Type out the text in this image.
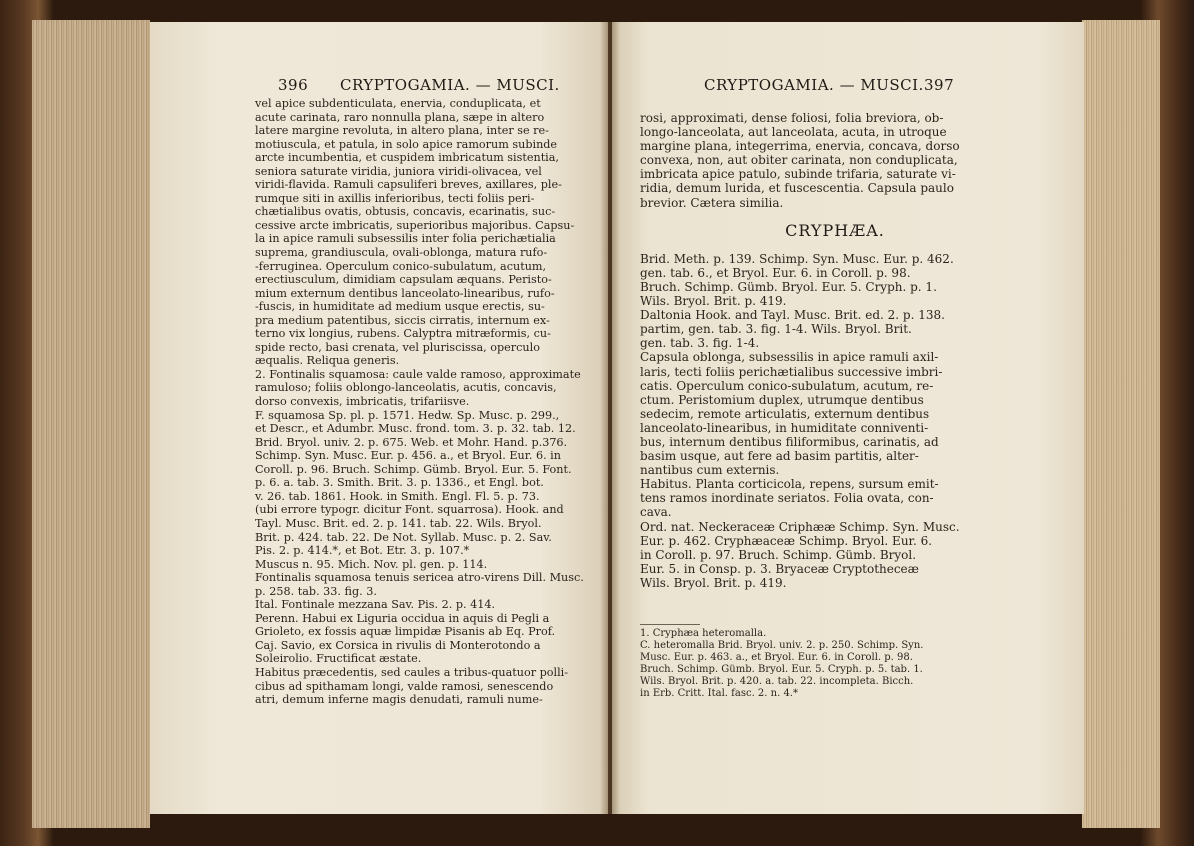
396 CRYPTOGAMIA. — MUSCI.
vel apice subdenticulata, enervia, conduplicata, et
acute carinata, raro nonnulla plana, sæpe in altero
latere margine revoluta, in altero plana, inter se re-
motiuscula, et patula, in solo apice ramorum subinde
arcte incumbentia, et cuspidem imbricatum sistentia,
seniora saturate viridia, juniora viridi-olivacea, vel
viridi-flavida. Ramuli capsuliferi breves, axillares, ple-
rumque siti in axillis inferioribus, tecti foliis peri-
chætialibus ovatis, obtusis, concavis, ecarinatis, suc-
cessive arcte imbricatis, superioribus majoribus. Capsu-
la in apice ramuli subsessilis inter folia perichætialia
suprema, grandiuscula, ovali-oblonga, matura rufo-
-ferruginea. Operculum conico-subulatum, acutum,
erectiusculum, dimidiam capsulam æquans. Peristo-
mium externum dentibus lanceolato-linearibus, rufo-
-fuscis, in humiditate ad medium usque erectis, su-
pra medium patentibus, siccis cirratis, internum ex-
terno vix longius, rubens. Calyptra mitræformis, cu-
spide recto, basi crenata, vel pluriscissa, operculo
æqualis. Reliqua generis.
2. Fontinalis squamosa: caule valde ramoso, approximate
ramuloso; foliis oblongo-lanceolatis, acutis, concavis,
dorso convexis, imbricatis, trifariisve.
F. squamosa Sp. pl. p. 1571. Hedw. Sp. Musc. p. 299.,
et Descr., et Adumbr. Musc. frond. tom. 3. p. 32. tab. 12.
Brid. Bryol. univ. 2. p. 675. Web. et Mohr. Hand. p.376.
Schimp. Syn. Musc. Eur. p. 456. a., et Bryol. Eur. 6. in
Coroll. p. 96. Bruch. Schimp. Gümb. Bryol. Eur. 5. Font.
p. 6. a. tab. 3. Smith. Brit. 3. p. 1336., et Engl. bot.
v. 26. tab. 1861. Hook. in Smith. Engl. Fl. 5. p. 73.
(ubi errore typogr. dicitur Font. squarrosa). Hook. and
Tayl. Musc. Brit. ed. 2. p. 141. tab. 22. Wils. Bryol.
Brit. p. 424. tab. 22. De Not. Syllab. Musc. p. 2. Sav.
Pis. 2. p. 414.*, et Bot. Etr. 3. p. 107.*
Muscus n. 95. Mich. Nov. pl. gen. p. 114.
Fontinalis squamosa tenuis sericea atro-virens Dill. Musc.
p. 258. tab. 33. fig. 3.
Ital. Fontinale mezzana Sav. Pis. 2. p. 414.
Perenn. Habui ex Liguria occidua in aquis di Pegli a
Grioleto, ex fossis aquæ limpidæ Pisanis ab Eq. Prof.
Caj. Savio, ex Corsica in rivulis di Monterotondo a
Soleirolio. Fructificat æstate.
Habitus præcedentis, sed caules a tribus-quatuor polli-
cibus ad spithamam longi, valde ramosi, senescendo
atri, demum inferne magis denudati, ramuli nume-
CRYPTOGAMIA. — MUSCI. 397
rosi, approximati, dense foliosi, folia breviora, ob-
longo-lanceolata, aut lanceolata, acuta, in utroque
margine plana, integerrima, enervia, concava, dorso
convexa, non, aut obiter carinata, non conduplicata,
imbricata apice patulo, subinde trifaria, saturate vi-
ridia, demum lurida, et fuscescentia. Capsula paulo
brevior. Cætera similia.
CRYPHÆA.
Brid. Meth. p. 139. Schimp. Syn. Musc. Eur. p. 462.
gen. tab. 6., et Bryol. Eur. 6. in Coroll. p. 98.
Bruch. Schimp. Gümb. Bryol. Eur. 5. Cryph. p. 1.
Wils. Bryol. Brit. p. 419.
Daltonia Hook. and Tayl. Musc. Brit. ed. 2. p. 138.
partim, gen. tab. 3. fig. 1-4. Wils. Bryol. Brit.
gen. tab. 3. fig. 1-4.
Capsula oblonga, subsessilis in apice ramuli axil-
laris, tecti foliis perichætialibus successive imbri-
catis. Operculum conico-subulatum, acutum, re-
ctum. Peristomium duplex, utrumque dentibus
sedecim, remote articulatis, externum dentibus
lanceolato-linearibus, in humiditate conniventi-
bus, internum dentibus filiformibus, carinatis, ad
basim usque, aut fere ad basim partitis, alter-
nantibus cum externis.
Habitus. Planta corticicola, repens, sursum emit-
tens ramos inordinate seriatos. Folia ovata, con-
cava.
Ord. nat. Neckeraceæ Criphææ Schimp. Syn. Musc.
Eur. p. 462. Cryphæaceæ Schimp. Bryol. Eur. 6.
in Coroll. p. 97. Bruch. Schimp. Gümb. Bryol.
Eur. 5. in Consp. p. 3. Bryaceæ Cryptotheceæ
Wils. Bryol. Brit. p. 419.
1. Cryphæa heteromalla.
C. heteromalla Brid. Bryol. univ. 2. p. 250. Schimp. Syn.
Musc. Eur. p. 463. a., et Bryol. Eur. 6. in Coroll. p. 98.
Bruch. Schimp. Gümb. Bryol. Eur. 5. Cryph. p. 5. tab. 1.
Wils. Bryol. Brit. p. 420. a. tab. 22. incompleta. Bicch.
in Erb. Critt. Ital. fasc. 2. n. 4.*
